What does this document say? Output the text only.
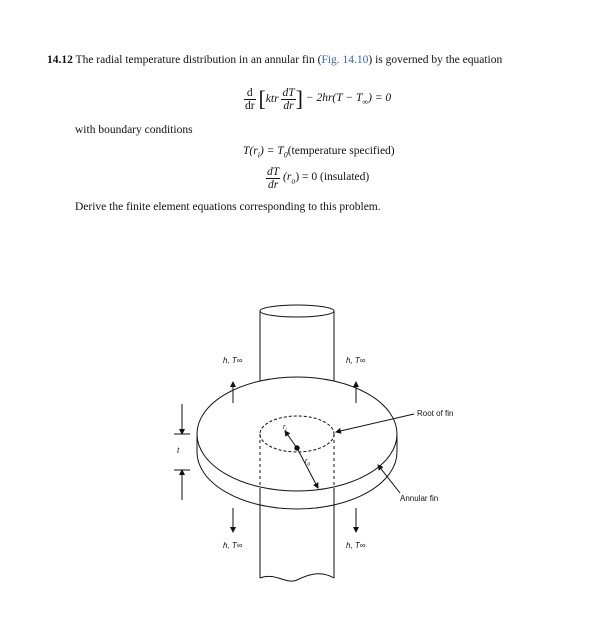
14.12 The radial temperature distribution in an annular fin (Fig. 14.10) is governed by the equation
$\frac{d}{dr} [ktr \frac{dT}{dr}$ ] − $2hr(T - T_\infty) = 0$
with boundary conditions
$T(r_i)$ = $T_0(temperature$ specified)
$\frac{dT}{dr} (r_o) = 0$ (insulated)
Derive the finite element equations corresponding to this problem.
h, T∞	h, T∞
h, T∞	h, T∞
Root of fin
Annular fin
$r_i$
$r_o$
t
